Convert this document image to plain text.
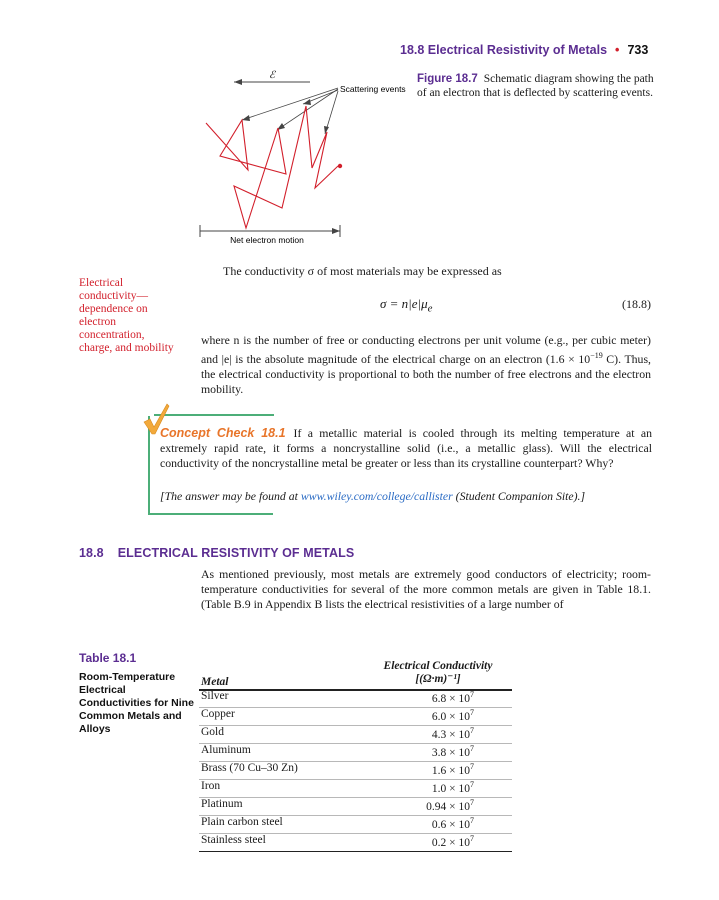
18.8 Electrical Resistivity of Metals • 733
ℰ
Scattering events
Net electron motion
Figure 18.7 Schematic diagram showing the path of an electron that is deflected by scattering events.
The conductivity σ of most materials may be expressed as
Electrical conductivity—dependence on electron concentration, charge, and mobility
$\sigma = n|e|\mu_e$	(18.8)
where n is the number of free or conducting electrons per unit volume (e.g., per cubic meter) and |e| is the absolute magnitude of the electrical charge on an electron ($1.6 \times 10^{-19}$ C). Thus, the electrical conductivity is proportional to both the number of free electrons and the electron mobility.
Concept Check 18.1 If a metallic material is cooled through its melting temperature at an extremely rapid rate, it forms a noncrystalline solid (i.e., a metallic glass). Will the electrical conductivity of the noncrystalline metal be greater or less than its crystalline counterpart? Why?
[The answer may be found at www.wiley.com/college/callister (Student Companion Site).]
18.8 ELECTRICAL RESISTIVITY OF METALS
As mentioned previously, most metals are extremely good conductors of electricity; room-temperature conductivities for several of the more common metals are given in Table 18.1. (Table B.9 in Appendix B lists the electrical resistivities of a large number of
Table 18.1
Room-Temperature Electrical Conductivities for Nine Common Metals and Alloys
Electrical Conductivity
[(Ω·m)⁻¹]
Metal
Silver	$6.8 \times 10^7$
Copper	$6.0 \times 10^7$
Gold	$4.3 \times 10^7$
Aluminum	$3.8 \times 10^7$
Brass (70 Cu–30 Zn)	$1.6 \times 10^7$
Iron	$1.0 \times 10^7$
Platinum	$0.94 \times 10^7$
Plain carbon steel	$0.6 \times 10^7$
Stainless steel	$0.2 \times 10^7$
